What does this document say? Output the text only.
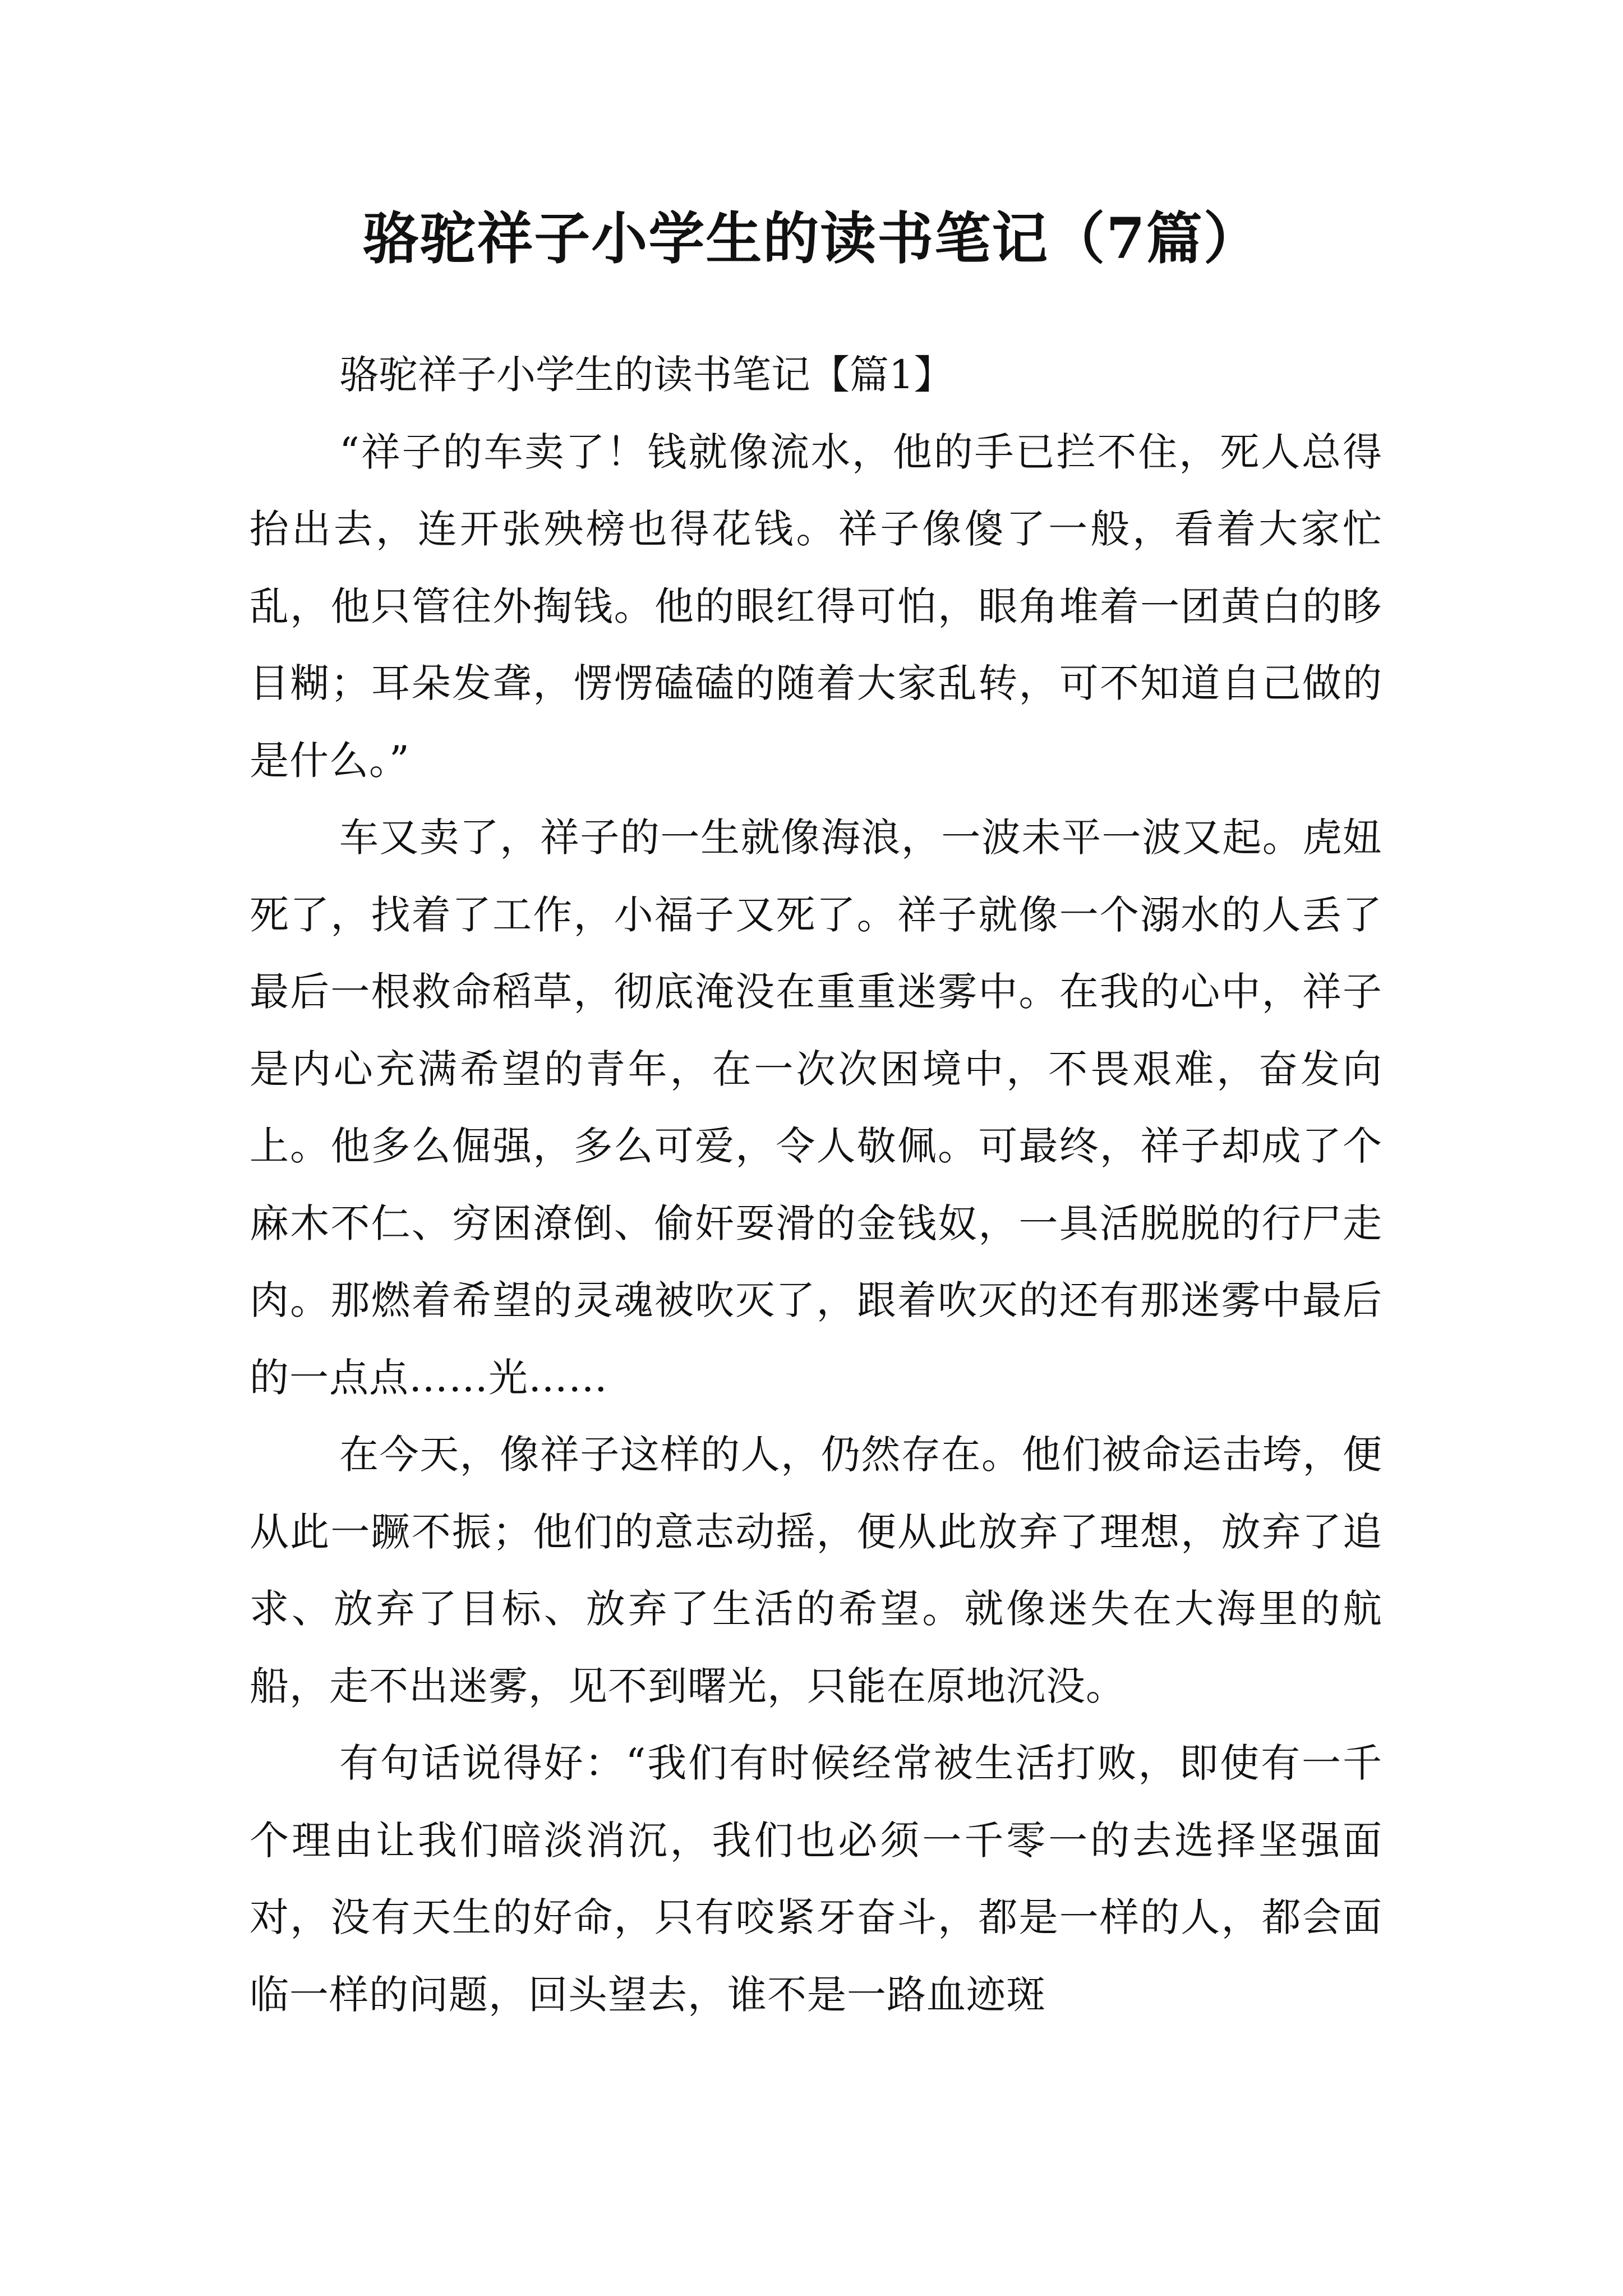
骆驼祥子小学生的读书笔记（7篇）

骆驼祥子小学生的读书笔记【篇1】

“祥子的车卖了！钱就像流水，他的手已拦不住，死人总得抬出去，连开张殃榜也得花钱。祥子像傻了一般，看着大家忙乱，他只管往外掏钱。他的眼红得可怕，眼角堆着一团黄白的眵目糊；耳朵发聋，愣愣磕磕的随着大家乱转，可不知道自己做的是什么。”

车又卖了，祥子的一生就像海浪，一波未平一波又起。虎妞死了，找着了工作，小福子又死了。祥子就像一个溺水的人丢了最后一根救命稻草，彻底淹没在重重迷雾中。在我的心中，祥子是内心充满希望的青年，在一次次困境中，不畏艰难，奋发向上。他多么倔强，多么可爱，令人敬佩。可最终，祥子却成了个麻木不仁、穷困潦倒、偷奸耍滑的金钱奴，一具活脱脱的行尸走肉。那燃着希望的灵魂被吹灭了，跟着吹灭的还有那迷雾中最后的一点点……光……

在今天，像祥子这样的人，仍然存在。他们被命运击垮，便从此一蹶不振；他们的意志动摇，便从此放弃了理想，放弃了追求、放弃了目标、放弃了生活的希望。就像迷失在大海里的航船，走不出迷雾，见不到曙光，只能在原地沉没。

有句话说得好：“我们有时候经常被生活打败，即使有一千个理由让我们暗淡消沉，我们也必须一千零一的去选择坚强面对，没有天生的好命，只有咬紧牙奋斗，都是一样的人，都会面临一样的问题，回头望去，谁不是一路血迹斑
